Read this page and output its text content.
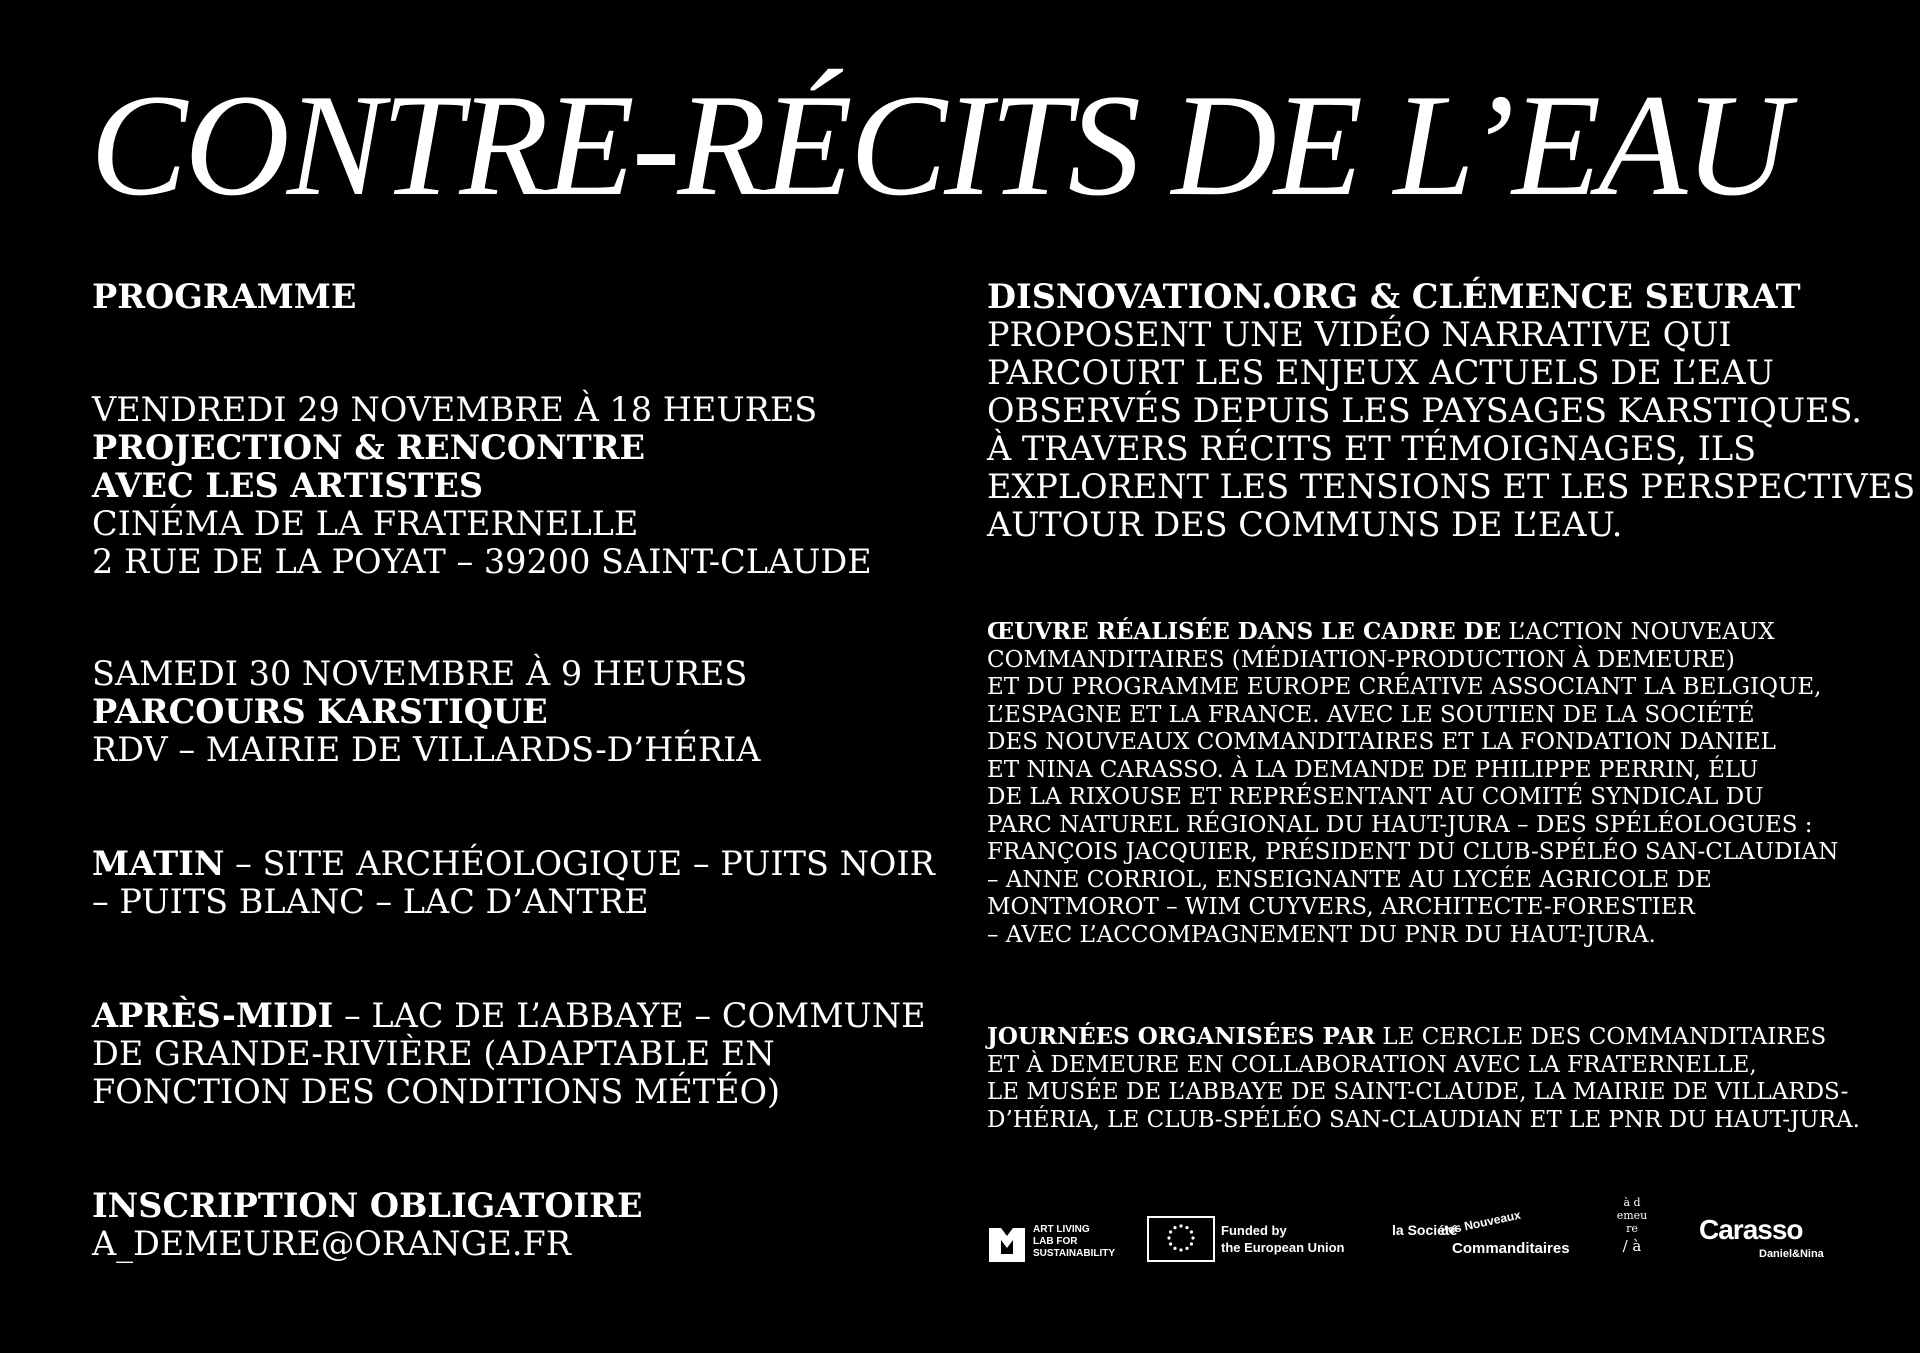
CONTRE-RÉCITS DE L’EAU
PROGRAMME
VENDREDI 29 NOVEMBRE À 18 HEURES
PROJECTION & RENCONTRE
AVEC LES ARTISTES
CINÉMA DE LA FRATERNELLE
2 RUE DE LA POYAT – 39200 SAINT-CLAUDE
SAMEDI 30 NOVEMBRE À 9 HEURES
PARCOURS KARSTIQUE
RDV – MAIRIE DE VILLARDS-D’HÉRIA
MATIN – SITE ARCHÉOLOGIQUE – PUITS NOIR
– PUITS BLANC – LAC D’ANTRE
APRÈS-MIDI – LAC DE L’ABBAYE – COMMUNE
DE GRANDE-RIVIÈRE (ADAPTABLE EN
FONCTION DES CONDITIONS MÉTÉO)
INSCRIPTION OBLIGATOIRE
A_DEMEURE@ORANGE.FR
DISNOVATION.ORG & CLÉMENCE SEURAT
PROPOSENT UNE VIDÉO NARRATIVE QUI
PARCOURT LES ENJEUX ACTUELS DE L’EAU
OBSERVÉS DEPUIS LES PAYSAGES KARSTIQUES.
À TRAVERS RÉCITS ET TÉMOIGNAGES, ILS
EXPLORENT LES TENSIONS ET LES PERSPECTIVES
AUTOUR DES COMMUNS DE L’EAU.
ŒUVRE RÉALISÉE DANS LE CADRE DE L’ACTION NOUVEAUX
COMMANDITAIRES (MÉDIATION-PRODUCTION À DEMEURE)
ET DU PROGRAMME EUROPE CRÉATIVE ASSOCIANT LA BELGIQUE,
L’ESPAGNE ET LA FRANCE. AVEC LE SOUTIEN DE LA SOCIÉTÉ
DES NOUVEAUX COMMANDITAIRES ET LA FONDATION DANIEL
ET NINA CARASSO. À LA DEMANDE DE PHILIPPE PERRIN, ÉLU
DE LA RIXOUSE ET REPRÉSENTANT AU COMITÉ SYNDICAL DU
PARC NATUREL RÉGIONAL DU HAUT-JURA – DES SPÉLÉOLOGUES :
FRANÇOIS JACQUIER, PRÉSIDENT DU CLUB-SPÉLÉO SAN-CLAUDIAN
– ANNE CORRIOL, ENSEIGNANTE AU LYCÉE AGRICOLE DE
MONTMOROT – WIM CUYVERS, ARCHITECTE-FORESTIER
– AVEC L’ACCOMPAGNEMENT DU PNR DU HAUT-JURA.
JOURNÉES ORGANISÉES PAR LE CERCLE DES COMMANDITAIRES
ET À DEMEURE EN COLLABORATION AVEC LA FRATERNELLE,
LE MUSÉE DE L’ABBAYE DE SAINT-CLAUDE, LA MAIRIE DE VILLARDS-
D’HÉRIA, LE CLUB-SPÉLÉO SAN-CLAUDIAN ET LE PNR DU HAUT-JURA.
ART LIVING
LAB FOR
SUSTAINABILITY
Funded by
the European Union
la Société
des Nouveaux
Commanditaires
à d
emeu
re
/ à
Carasso
Daniel&Nina
